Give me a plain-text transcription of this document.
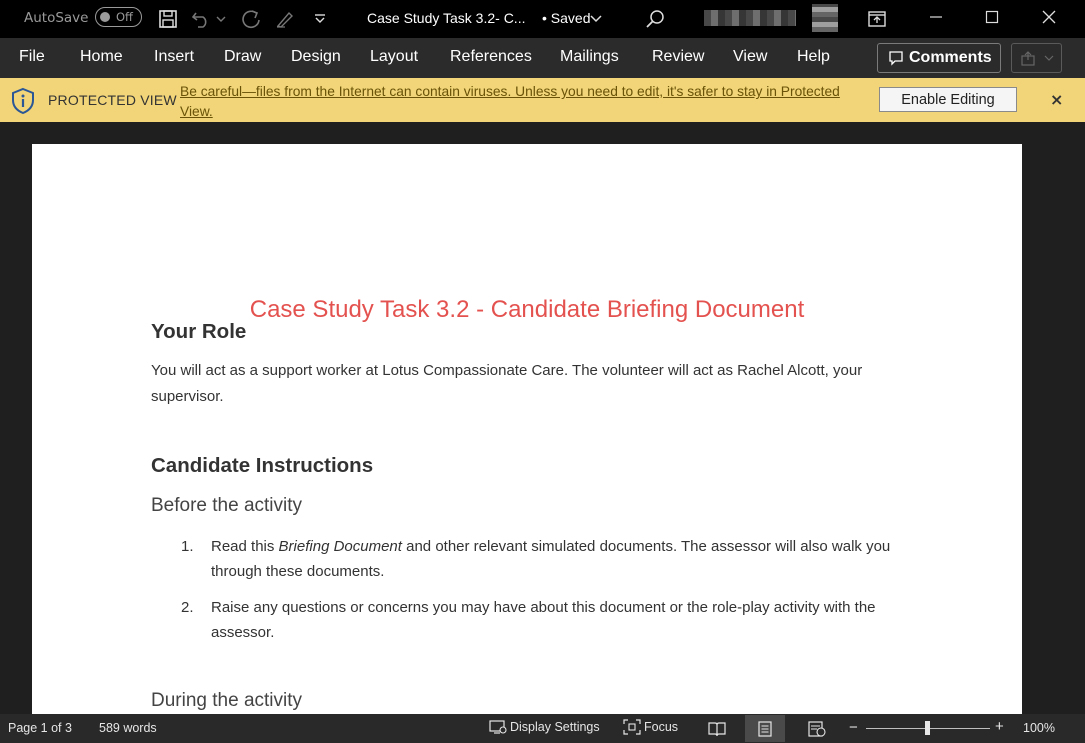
AutoSave Off	Case Study Task 3.2- C... • Saved
File Home Insert Draw Design Layout References Mailings Review View Help	Comments
PROTECTED VIEW
Be careful—files from the Internet can contain viruses. Unless you need to edit, it's safer to stay in Protected View.
Enable Editing	×
Case Study Task 3.2 - Candidate Briefing Document
Your Role
You will act as a support worker at Lotus Compassionate Care. The volunteer will act as Rachel Alcott, your supervisor.
Candidate Instructions
Before the activity
1. Read this Briefing Document and other relevant simulated documents. The assessor will also walk you through these documents.
2. Raise any questions or concerns you may have about this document or the role-play activity with the assessor.
During the activity
Page 1 of 3 589 words	Display Settings	Focus	−	+ 100%
